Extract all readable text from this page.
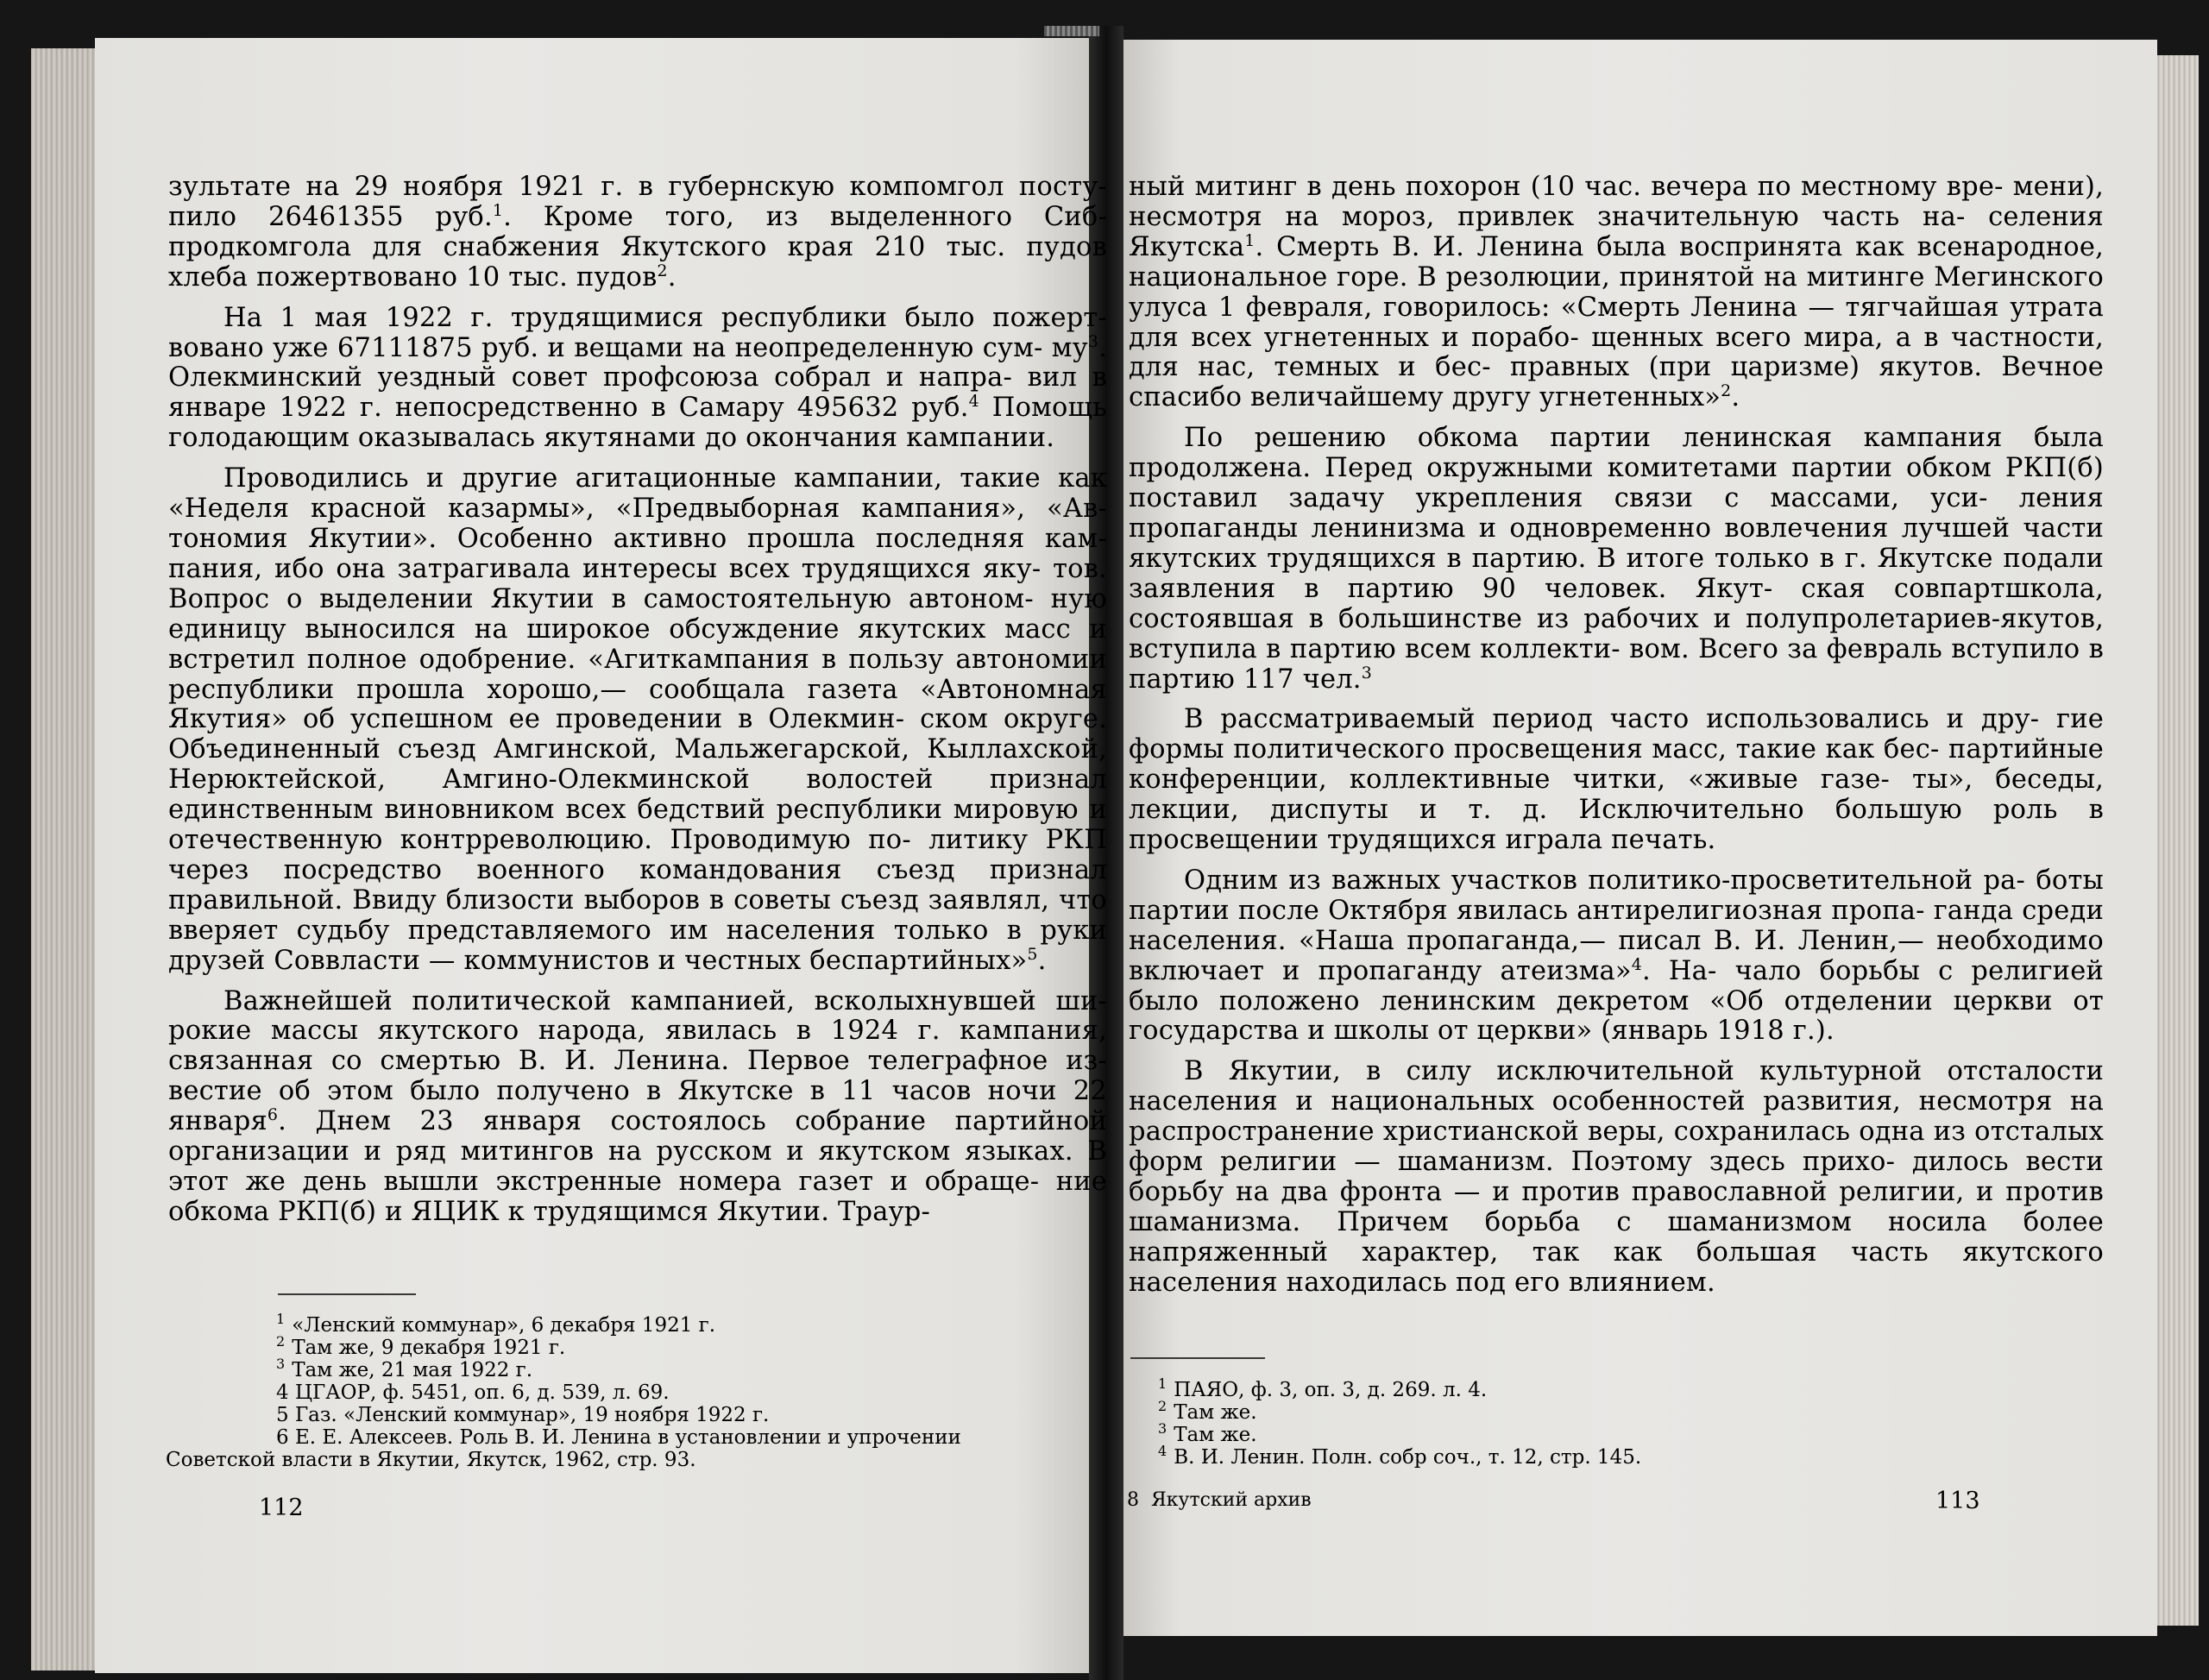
зультате на 29 ноября 1921 г. в губернскую компомгол посту- пило 26461355 руб.$^1$. Кроме того, из выделенного Сиб- продкомгола для снабжения Якутского края 210 тыс. пудов хлеба пожертвовано 10 тыс. пудов$^2$.

На 1 мая 1922 г. трудящимися республики было пожерт- вовано уже 67111875 руб. и вещами на неопределенную сум- $му^3$. Олекминский уездный совет профсоюза собрал и напра- вил в январе 1922 г. непосредственно в Самару 495632 руб.$^4$ Помощь голодающим оказывалась якутянами до окончания кампании.

Проводились и другие агитационные кампании, такие как «Неделя красной казармы», «Предвыборная кампания», «Ав- тономия Якутии». Особенно активно прошла последняя кам- пания, ибо она затрагивала интересы всех трудящихся яку- тов. Вопрос о выделении Якутии в самостоятельную автоном- ную единицу выносился на широкое обсуждение якутских масс и встретил полное одобрение. «Агиткампания в пользу автономии республики прошла хорошо,— сообщала газета «Автономная Якутия» об успешном ее проведении в Олекмин- ском округе. Объединенный съезд Амгинской, Мальжегарской, Кыллахской, Нерюктейской, Амгино-Олекминской волостей признал единственным виновником всех бедствий республики мировую и отечественную контрреволюцию. Проводимую по- литику РКП через посредство военного командования съезд признал правильной. Ввиду близости выборов в советы съезд заявлял, что вверяет судьбу представляемого им населения только в руки друзей Соввласти — коммунистов и честных беспартийных»$^5$.

Важнейшей политической кампанией, всколыхнувшей ши- рокие массы якутского народа, явилась в 1924 г. кампания, связанная со смертью В. И. Ленина. Первое телеграфное из- вестие об этом было получено в Якутске в 11 часов ночи 22 января$^6$. Днем 23 января состоялось собрание партийной организации и ряд митингов на русском и якутском языках. В этот же день вышли экстренные номера газет и обраще- ние обкома РКП(б) и ЯЦИК к трудящимся Якутии. Траур-

$^1$ «Ленский коммунар», 6 декабря 1921 г.
$^2$ Там же, 9 декабря 1921 г.
$^3$ Там же, 21 мая 1922 г.
4 ЦГАОР, ф. 5451, оп. 6, д. 539, л. 69.
5 Газ. «Ленский коммунар», 19 ноября 1922 г.
6 Е. Е. Алексеев. Роль В. И. Ленина в установлении и упрочении
Советской власти в Якутии, Якутск, 1962, стр. 93.
112

ный митинг в день похорон (10 час. вечера по местному вре- мени), несмотря на мороз, привлек значительную часть на- селения Якутска$^1$. Смерть В. И. Ленина была воспринята как всенародное, национальное горе. В резолюции, принятой на митинге Мегинского улуса 1 февраля, говорилось: «Смерть Ленина — тягчайшая утрата для всех угнетенных и порабо- щенных всего мира, а в частности, для нас, темных и бес- правных (при царизме) якутов. Вечное спасибо величайшему другу угнетенных»$^2$.

По решению обкома партии ленинская кампания была продолжена. Перед окружными комитетами партии обком РКП(б) поставил задачу укрепления связи с массами, уси- ления пропаганды ленинизма и одновременно вовлечения лучшей части якутских трудящихся в партию. В итоге только в г. Якутске подали заявления в партию 90 человек. Якут- ская совпартшкола, состоявшая в большинстве из рабочих и полупролетариев-якутов, вступила в партию всем коллекти- вом. Всего за февраль вступило в партию 117 чел.$^3$

В рассматриваемый период часто использовались и дру- гие формы политического просвещения масс, такие как бес- партийные конференции, коллективные читки, «живые газе- ты», беседы, лекции, диспуты и т. д. Исключительно большую роль в просвещении трудящихся играла печать.

Одним из важных участков политико-просветительной ра- боты партии после Октября явилась антирелигиозная пропа- ганда среди населения. «Наша пропаганда,— писал В. И. Ленин,— необходимо включает и пропаганду атеизма»$^4$. На- чало борьбы с религией было положено ленинским декретом «Об отделении церкви от государства и школы от церкви» (январь 1918 г.).

В Якутии, в силу исключительной культурной отсталости населения и национальных особенностей развития, несмотря на распространение христианской веры, сохранилась одна из отсталых форм религии — шаманизм. Поэтому здесь прихо- дилось вести борьбу на два фронта — и против православной религии, и против шаманизма. Причем борьба с шаманизмом носила более напряженный характер, так как большая часть якутского населения находилась под его влиянием.

$^1$ ПАЯО, ф. 3, оп. 3, д. 269. л. 4.
$^2$ Там же.
$^3$ Там же.
$^4$ В. И. Ленин. Полн. собр соч., т. 12, стр. 145.
8 Якутский архив	113
